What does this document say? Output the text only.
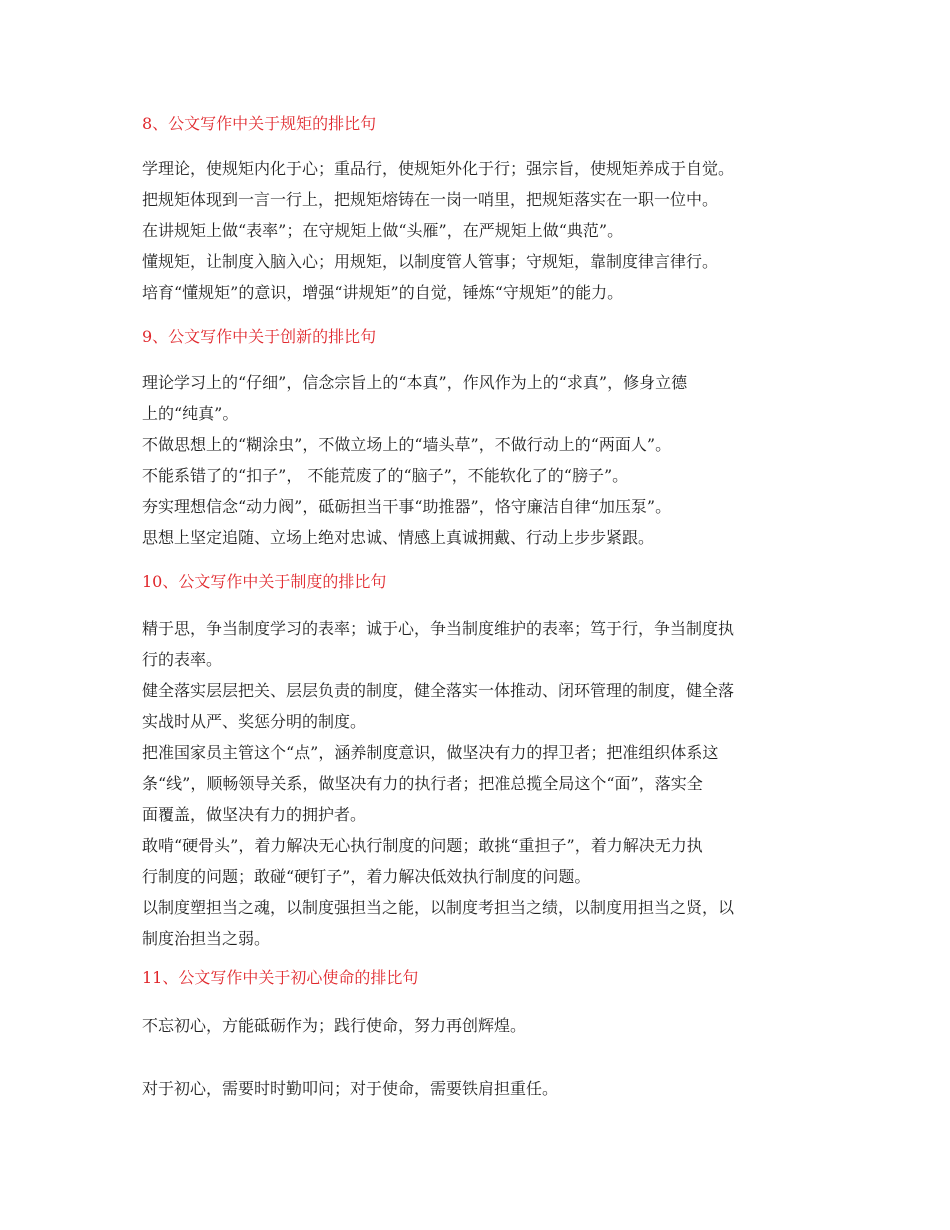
8、公文写作中关于规矩的排比句
学理论，使规矩内化于心；重品行，使规矩外化于行；强宗旨，使规矩养成于自觉。
把规矩体现到一言一行上，把规矩熔铸在一岗一哨里，把规矩落实在一职一位中。
在讲规矩上做“表率”；在守规矩上做“头雁”，在严规矩上做“典范”。
懂规矩，让制度入脑入心；用规矩，以制度管人管事；守规矩，靠制度律言律行。
培育“懂规矩”的意识，增强“讲规矩”的自觉，锤炼“守规矩”的能力。
9、公文写作中关于创新的排比句
理论学习上的“仔细”，信念宗旨上的“本真”，作风作为上的“求真”，修身立德
上的“纯真”。
不做思想上的“糊涂虫”，不做立场上的“墙头草”，不做行动上的“两面人”。
不能系错了的“扣子”， 不能荒废了的“脑子”，不能软化了的“膀子”。
夯实理想信念“动力阀”，砥砺担当干事“助推器”，恪守廉洁自律“加压泵”。
思想上坚定追随、立场上绝对忠诚、情感上真诚拥戴、行动上步步紧跟。
10、公文写作中关于制度的排比句
精于思，争当制度学习的表率；诚于心，争当制度维护的表率；笃于行，争当制度执
行的表率。
健全落实层层把关、层层负责的制度，健全落实一体推动、闭环管理的制度，健全落
实战时从严、奖惩分明的制度。
把准国家员主管这个“点”，涵养制度意识，做坚决有力的捍卫者；把准组织体系这
条“线”，顺畅领导关系，做坚决有力的执行者；把准总揽全局这个“面”，落实全
面覆盖，做坚决有力的拥护者。
敢啃“硬骨头”，着力解决无心执行制度的问题；敢挑“重担子”，着力解决无力执
行制度的问题；敢碰“硬钉子”，着力解决低效执行制度的问题。
以制度塑担当之魂，以制度强担当之能，以制度考担当之绩，以制度用担当之贤，以
制度治担当之弱。
11、公文写作中关于初心使命的排比句
不忘初心，方能砥砺作为；践行使命，努力再创辉煌。
对于初心，需要时时勤叩问；对于使命，需要铁肩担重任。
